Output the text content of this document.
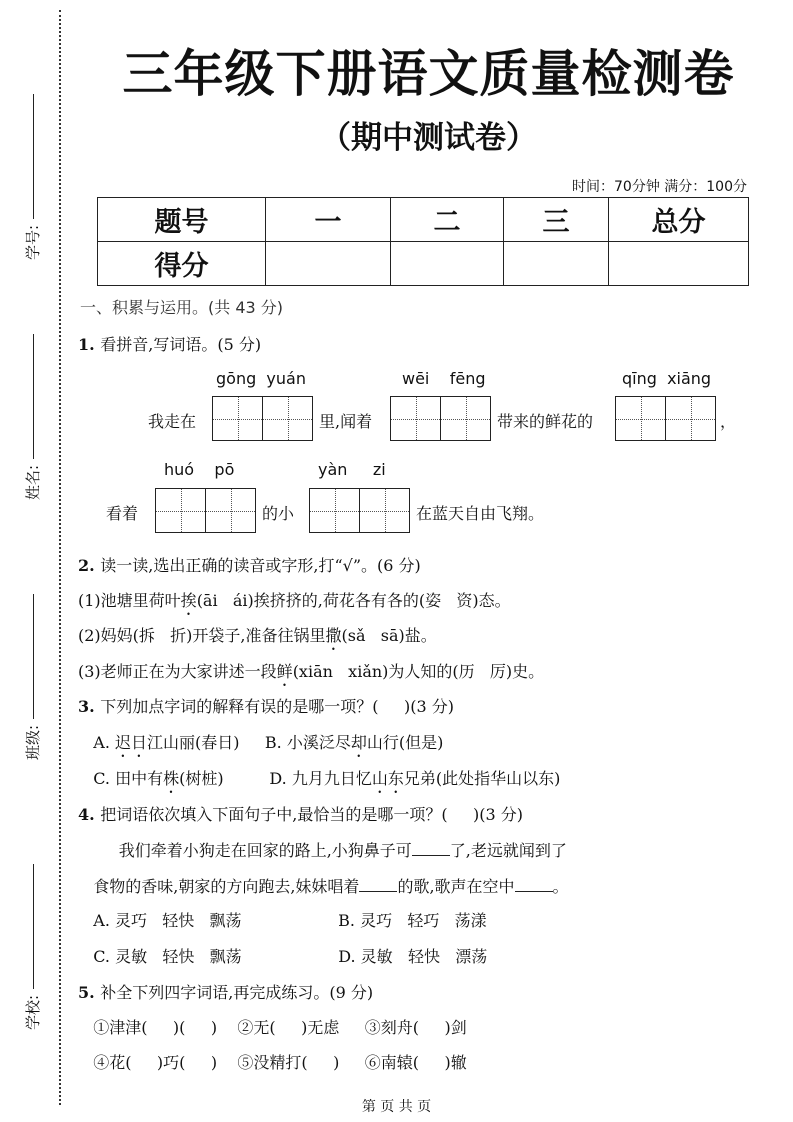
三年级下册语文质量检测卷
（期中测试卷）
时间：70分钟 满分：100分
题号	一	二	三	总分
得分				
一、积累与运用。(共 43 分)
1. 看拼音,写词语。(5 分)
gōng  yuán
我走在	里,闻着
wēi    fēng
带来的鲜花的
qīng  xiāng
，
看着
huó    pō
的小
yàn     zi
在蓝天自由飞翔。
2. 读一读,选出正确的读音或字形,打“√”。(6 分)
(1)池塘里荷叶挨(āi   ái)挨挤挤的,荷花各有各的(姿   资)态。
(2)妈妈(拆   折)开袋子,准备往锅里撒(sǎ   sā)盐。
(3)老师正在为大家讲述一段鲜(xiān   xiǎn)为人知的(历   厉)史。
3. 下列加点字词的解释有误的是哪一项？(     )(3 分)
A. 迟日江山丽(春日)     B. 小溪泛尽却山行(但是)
C. 田中有株(树桩)         D. 九月九日忆山东兄弟(此处指华山以东)
4. 把词语依次填入下面句子中,最恰当的是哪一项？(     )(3 分)
我们牵着小狗走在回家的路上,小狗鼻子可 了,老远就闻到了
食物的香味,朝家的方向跑去,妹妹唱着 的歌,歌声在空中 。
A. 灵巧   轻快   飘荡                   B. 灵巧   轻巧   荡漾
C. 灵敏   轻快   飘荡                   D. 灵敏   轻快   漂荡
5. 补全下列四字词语,再完成练习。(9 分)
①津津(     )(     )    ②无(     )无虑     ③刻舟(     )剑
④花(     )巧(     )    ⑤没精打(     )     ⑥南辕(     )辙
第 页 共 页
学号:
姓名:
班级:
学校:
